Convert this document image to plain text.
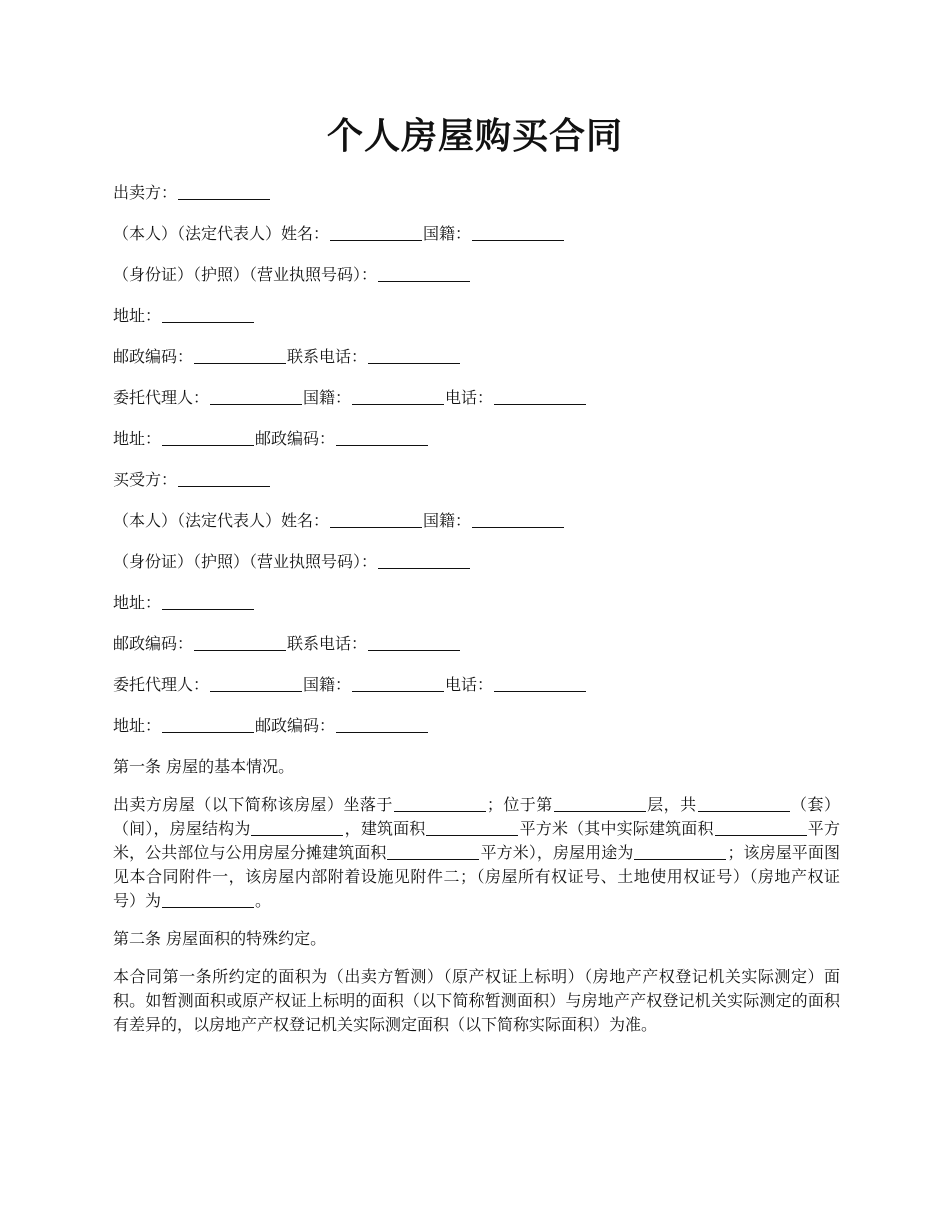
个人房屋购买合同
出卖方：
（本人）（法定代表人）姓名：	国籍：
（身份证）（护照）（营业执照号码）：
地址：
邮政编码：	联系电话：
委托代理人：	国籍：	电话：
地址：	邮政编码：
买受方：
（本人）（法定代表人）姓名：	国籍：
（身份证）（护照）（营业执照号码）：
地址：
邮政编码：	联系电话：
委托代理人：	国籍：	电话：
地址：	邮政编码：
第一条 房屋的基本情况。
出卖方房屋（以下简称该房屋）坐落于	；位于第	层，共	（套）（间），房屋结构为	，建筑面积	平方米（其中实际建筑面积	平方米，公共部位与公用房屋分摊建筑面积	平方米），房屋用途为	；该房屋平面图见本合同附件一，该房屋内部附着设施见附件二；（房屋所有权证号、土地使用权证号）（房地产权证号）为	。
第二条 房屋面积的特殊约定。
本合同第一条所约定的面积为（出卖方暂测）（原产权证上标明）（房地产产权登记机关实际测定）面积。如暂测面积或原产权证上标明的面积（以下简称暂测面积）与房地产产权登记机关实际测定的面积有差异的，以房地产产权登记机关实际测定面积（以下简称实际面积）为准。
